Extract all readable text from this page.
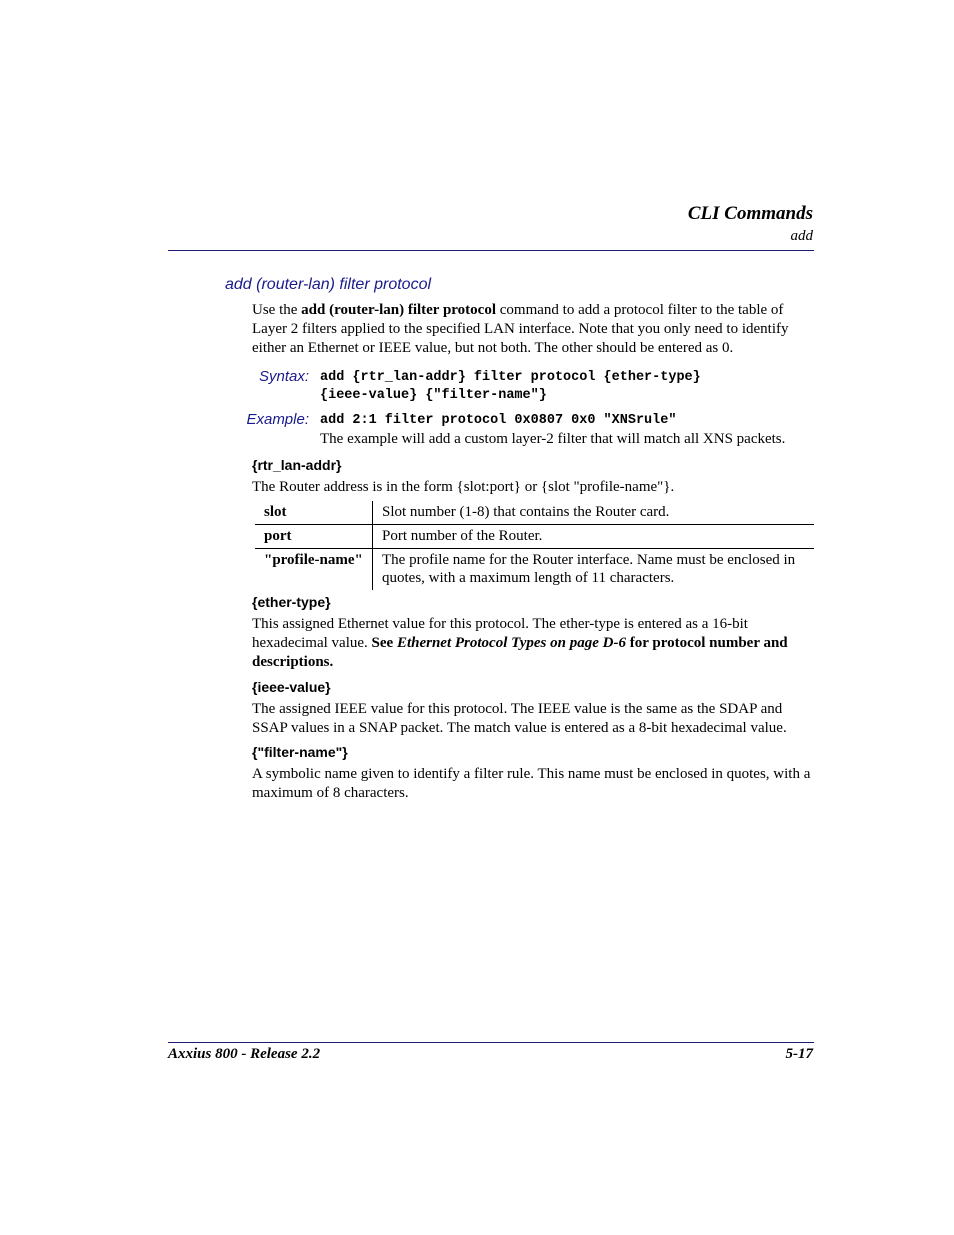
CLI Commands
add
add (router-lan) filter protocol
Use the add (router-lan) filter protocol command to add a protocol filter to the table of Layer 2 filters applied to the specified LAN interface. Note that you only need to identify either an Ethernet or IEEE value, but not both. The other should be entered as 0.
Syntax: add {rtr_lan-addr} filter protocol {ether-type}
{ieee-value} {"filter-name"}
Example: add 2:1 filter protocol 0x0807 0x0 "XNSrule"
The example will add a custom layer-2 filter that will match all XNS packets.
{rtr_lan-addr}
The Router address is in the form {slot:port} or {slot "profile-name"}.
slot	Slot number (1-8) that contains the Router card.
port	Port number of the Router.
"profile-name"	The profile name for the Router interface. Name must be enclosed in quotes, with a maximum length of 11 characters.
{ether-type}
This assigned Ethernet value for this protocol. The ether-type is entered as a 16-bit hexadecimal value. See Ethernet Protocol Types on page D-6 for protocol number and descriptions.
{ieee-value}
The assigned IEEE value for this protocol. The IEEE value is the same as the SDAP and SSAP values in a SNAP packet. The match value is entered as a 8-bit hexadecimal value.
{"filter-name"}
A symbolic name given to identify a filter rule. This name must be enclosed in quotes, with a maximum of 8 characters.
Axxius 800 - Release 2.2	5-17
